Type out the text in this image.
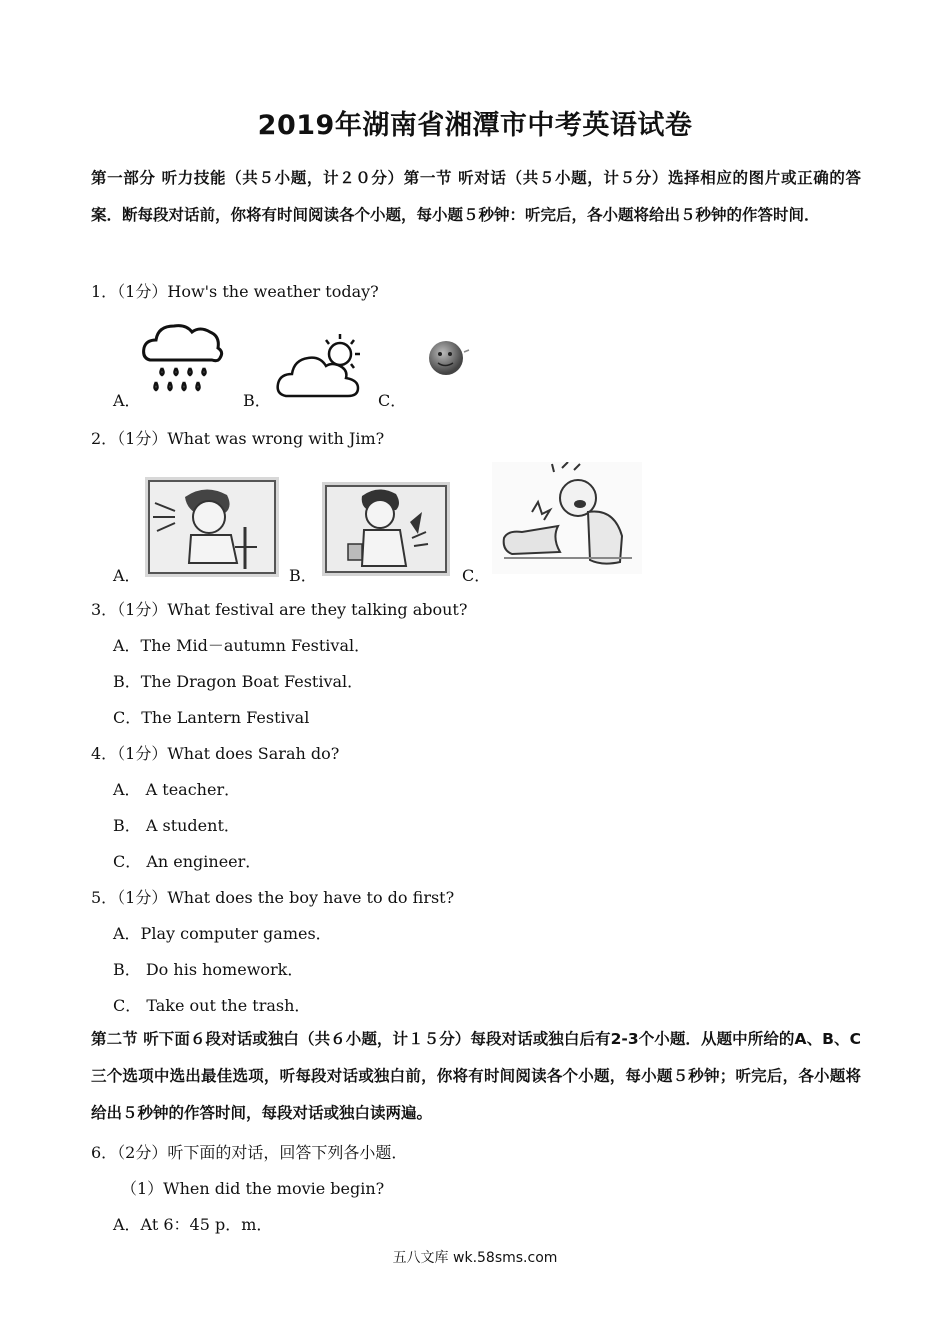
2019年湖南省湘潭市中考英语试卷
第一部分 听力技能（共５小题，计２０分）第一节 听对话（共５小题，计５分）选择相应的图片或正确的答案．断每段对话前，你将有时间阅读各个小题，每小题５秒钟：听完后，各小题将给出５秒钟的作答时间．
1．（1分）How's the weather today?
A．	B．	C．
2．（1分）What was wrong with Jim?
A．	B．	C．
3．（1分）What festival are they talking about?
A．The Mid－autumn Festival．
B．The Dragon Boat Festival．
C．The Lantern Festival
4．（1分）What does Sarah do?
A． A teacher．
B． A student．
C． An engineer．
5．（1分）What does the boy have to do first?
A．Play computer games．
B． Do his homework．
C． Take out the trash．
第二节 听下面６段对话或独白（共６小题，计１５分）每段对话或独白后有2-3个小题．从题中所给的A、B、C三个选项中选出最佳选项，听每段对话或独白前，你将有时间阅读各个小题，每小题５秒钟；听完后，各小题将给出５秒钟的作答时间，每段对话或独白读两遍。
6．（2分）听下面的对话，回答下列各小题．
（1）When did the movie begin?
A．At 6：45 p．m．
五八文库 wk.58sms.com
